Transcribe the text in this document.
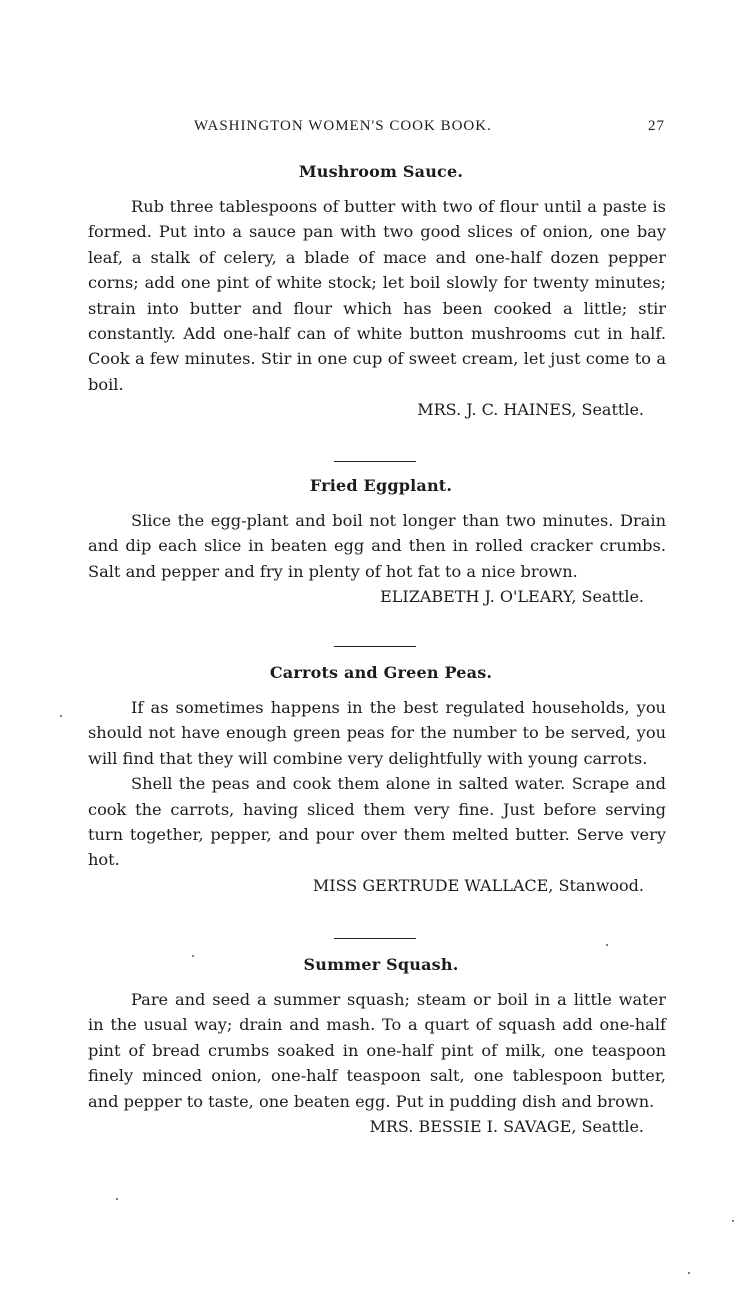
WASHINGTON WOMEN'S COOK BOOK.	27
Mushroom Sauce.

Rub three tablespoons of butter with two of flour until a paste is formed. Put into a sauce pan with two good slices of onion, one bay leaf, a stalk of celery, a blade of mace and one-half dozen pepper corns; add one pint of white stock; let boil slowly for twenty minutes; strain into butter and flour which has been cooked a little; stir constantly. Add one-half can of white button mushrooms cut in half. Cook a few minutes. Stir in one cup of sweet cream, let just come to a boil.

MRS. J. C. HAINES, Seattle.

Fried Eggplant.

Slice the egg-plant and boil not longer than two minutes. Drain and dip each slice in beaten egg and then in rolled cracker crumbs. Salt and pepper and fry in plenty of hot fat to a nice brown.

ELIZABETH J. O'LEARY, Seattle.

Carrots and Green Peas.

If as sometimes happens in the best regulated households, you should not have enough green peas for the number to be served, you will find that they will combine very delightfully with young carrots.

Shell the peas and cook them alone in salted water. Scrape and cook the carrots, having sliced them very fine. Just before serving turn together, pepper, and pour over them melted butter. Serve very hot.

MISS GERTRUDE WALLACE, Stanwood.

Summer Squash.

Pare and seed a summer squash; steam or boil in a little water in the usual way; drain and mash. To a quart of squash add one-half pint of bread crumbs soaked in one-half pint of milk, one teaspoon finely minced onion, one-half teaspoon salt, one tablespoon butter, and pepper to taste, one beaten egg. Put in pudding dish and brown.

MRS. BESSIE I. SAVAGE, Seattle.
